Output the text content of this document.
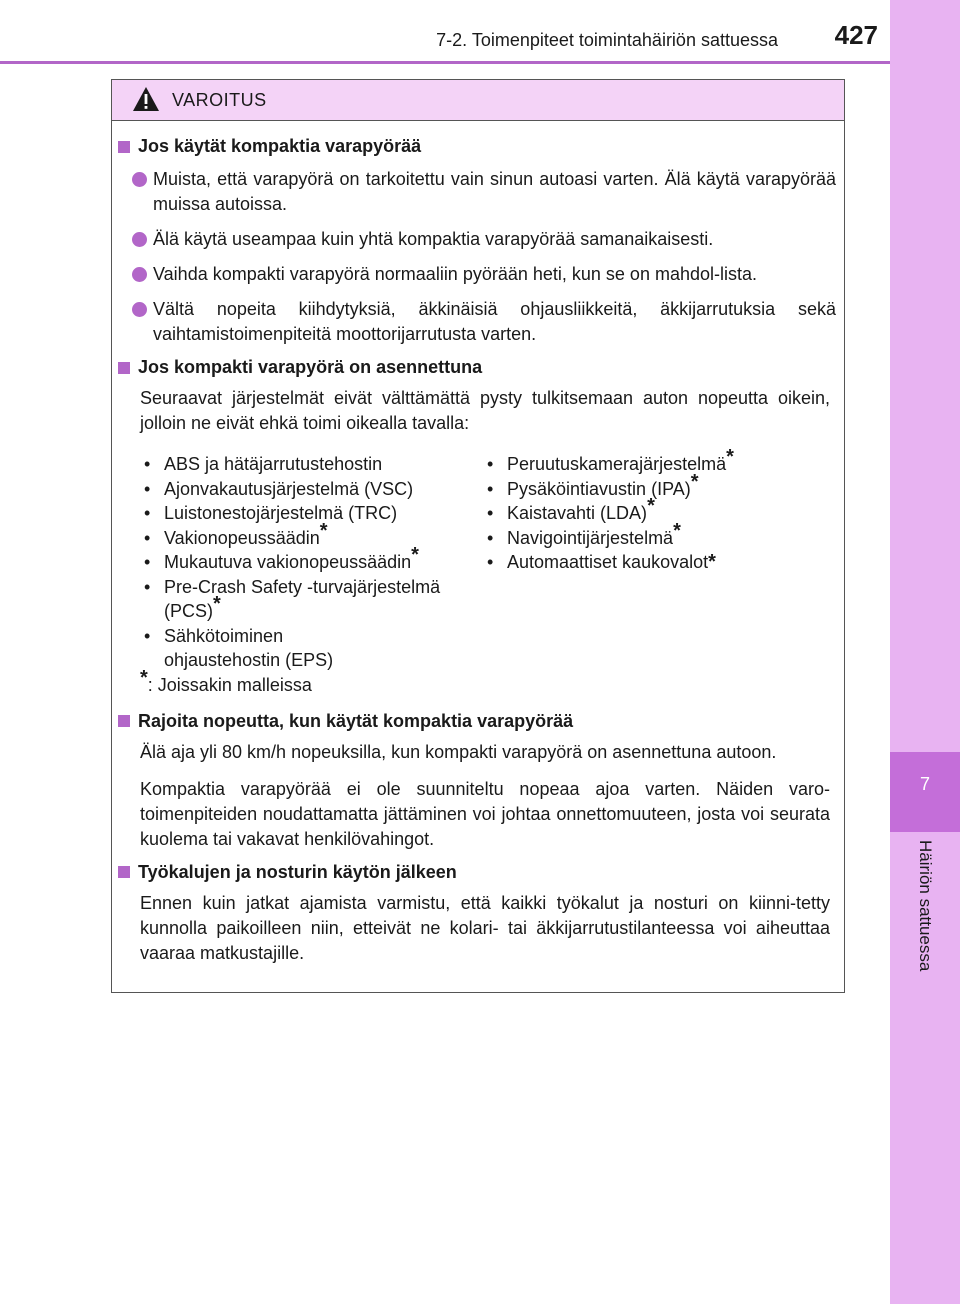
7-2. Toimenpiteet toimintahäiriön sattuessa 427
7
Häiriön sattuessa
VAROITUS
Jos käytät kompaktia varapyörää
Muista, että varapyörä on tarkoitettu vain sinun autoasi varten. Älä käytä varapyörää muissa autoissa.
Älä käytä useampaa kuin yhtä kompaktia varapyörää samanaikaisesti.
Vaihda kompakti varapyörä normaaliin pyörään heti, kun se on mahdol-lista.
Vältä nopeita kiihdytyksiä, äkkinäisiä ohjausliikkeitä, äkkijarrutuksia sekä vaihtamistoimenpiteitä moottorijarrutusta varten.
Jos kompakti varapyörä on asennettuna
Seuraavat järjestelmät eivät välttämättä pysty tulkitsemaan auton nopeutta oikein, jolloin ne eivät ehkä toimi oikealla tavalla:
• ABS ja hätäjarrutustehostin
• Ajonvakautusjärjestelmä (VSC)
• Luistonestojärjestelmä (TRC)
• Vakionopeussäädin*
• Mukautuva vakionopeussäädin*
• Pre-Crash Safety -turvajärjestelmä (PCS)*
• Sähkötoiminen ohjaustehostin (EPS)
• Peruutuskamerajärjestelmä*
• Pysäköintiavustin (IPA)*
• Kaistavahti (LDA)*
• Navigointijärjestelmä*
• Automaattiset kaukovalot*
*: Joissakin malleissa
Rajoita nopeutta, kun käytät kompaktia varapyörää
Älä aja yli 80 km/h nopeuksilla, kun kompakti varapyörä on asennettuna autoon.
Kompaktia varapyörää ei ole suunniteltu nopeaa ajoa varten. Näiden varo-toimenpiteiden noudattamatta jättäminen voi johtaa onnettomuuteen, josta voi seurata kuolema tai vakavat henkilövahingot.
Työkalujen ja nosturin käytön jälkeen
Ennen kuin jatkat ajamista varmistu, että kaikki työkalut ja nosturi on kiinni-tetty kunnolla paikoilleen niin, etteivät ne kolari- tai äkkijarrutustilanteessa voi aiheuttaa vaaraa matkustajille.
